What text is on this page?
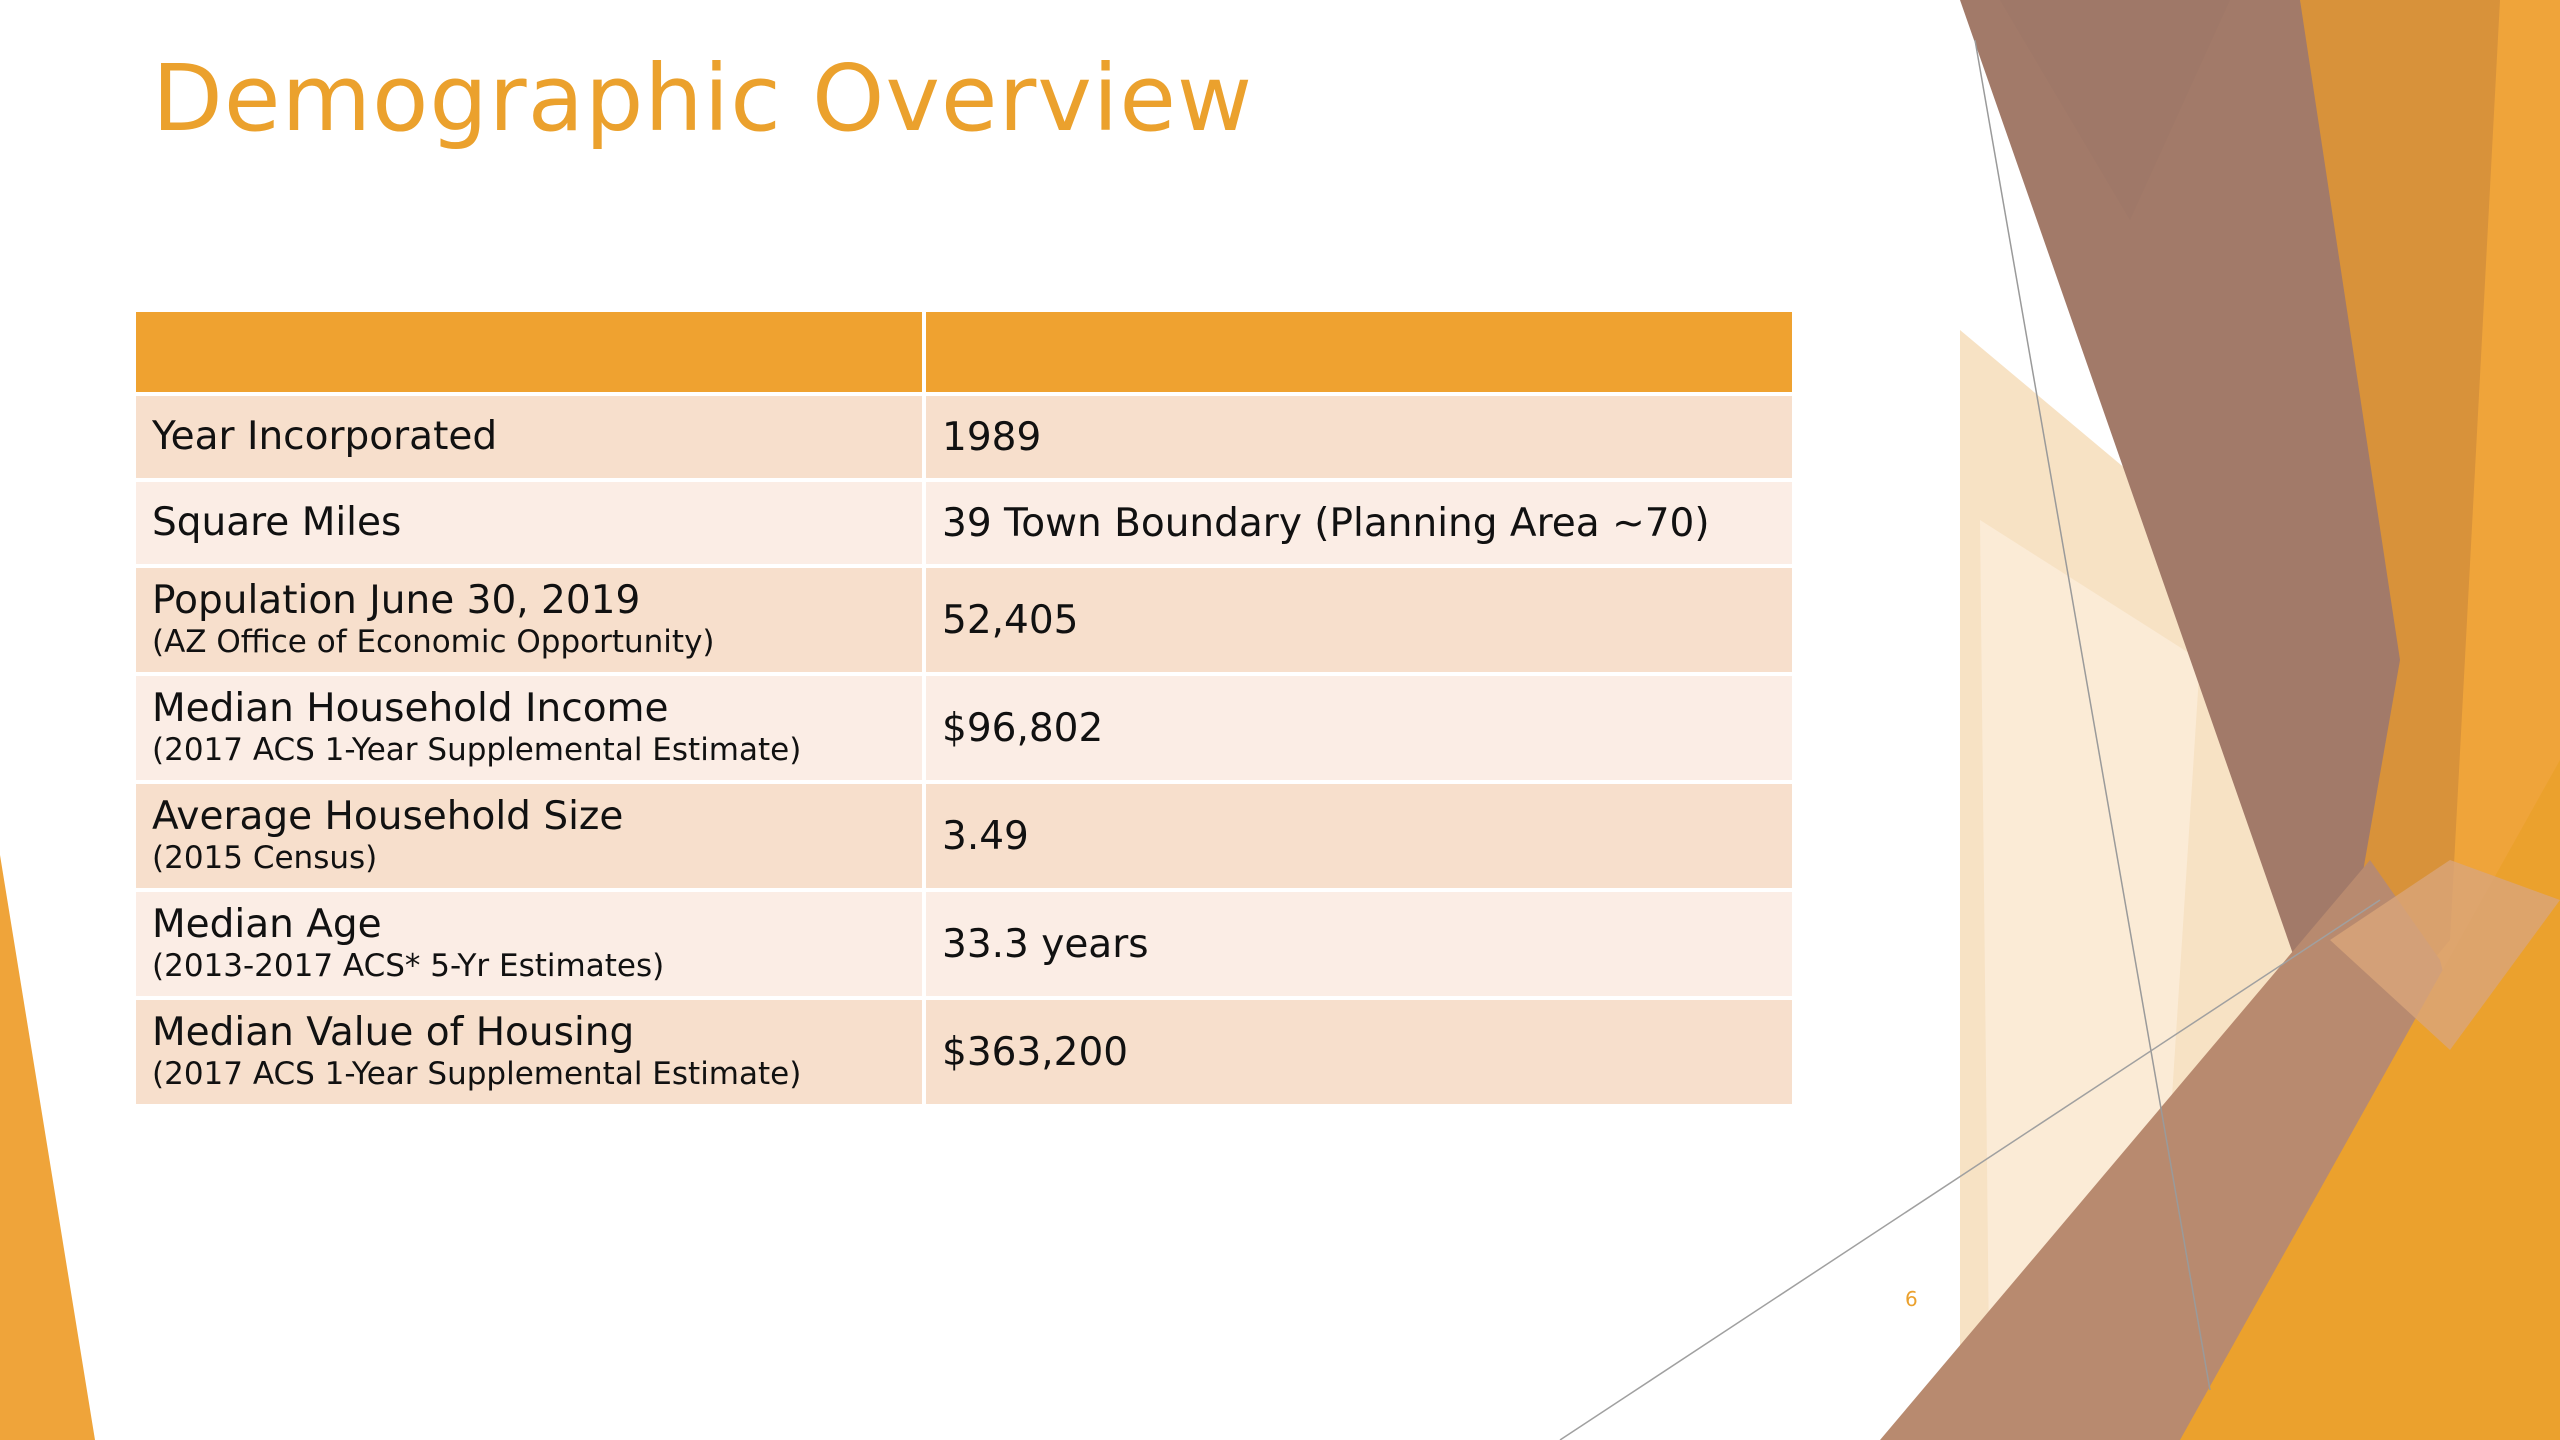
Demographic Overview
Year Incorporated	1989
Square Miles	39 Town Boundary (Planning Area ~70)
Population June 30, 2019
(AZ Office of Economic Opportunity)	52,405
Median Household Income
(2017 ACS 1-Year Supplemental Estimate)	$96,802
Average Household Size
(2015 Census)	3.49
Median Age
(2013-2017 ACS* 5-Yr Estimates)	33.3 years
Median Value of Housing
(2017 ACS 1-Year Supplemental Estimate)	$363,200
6
